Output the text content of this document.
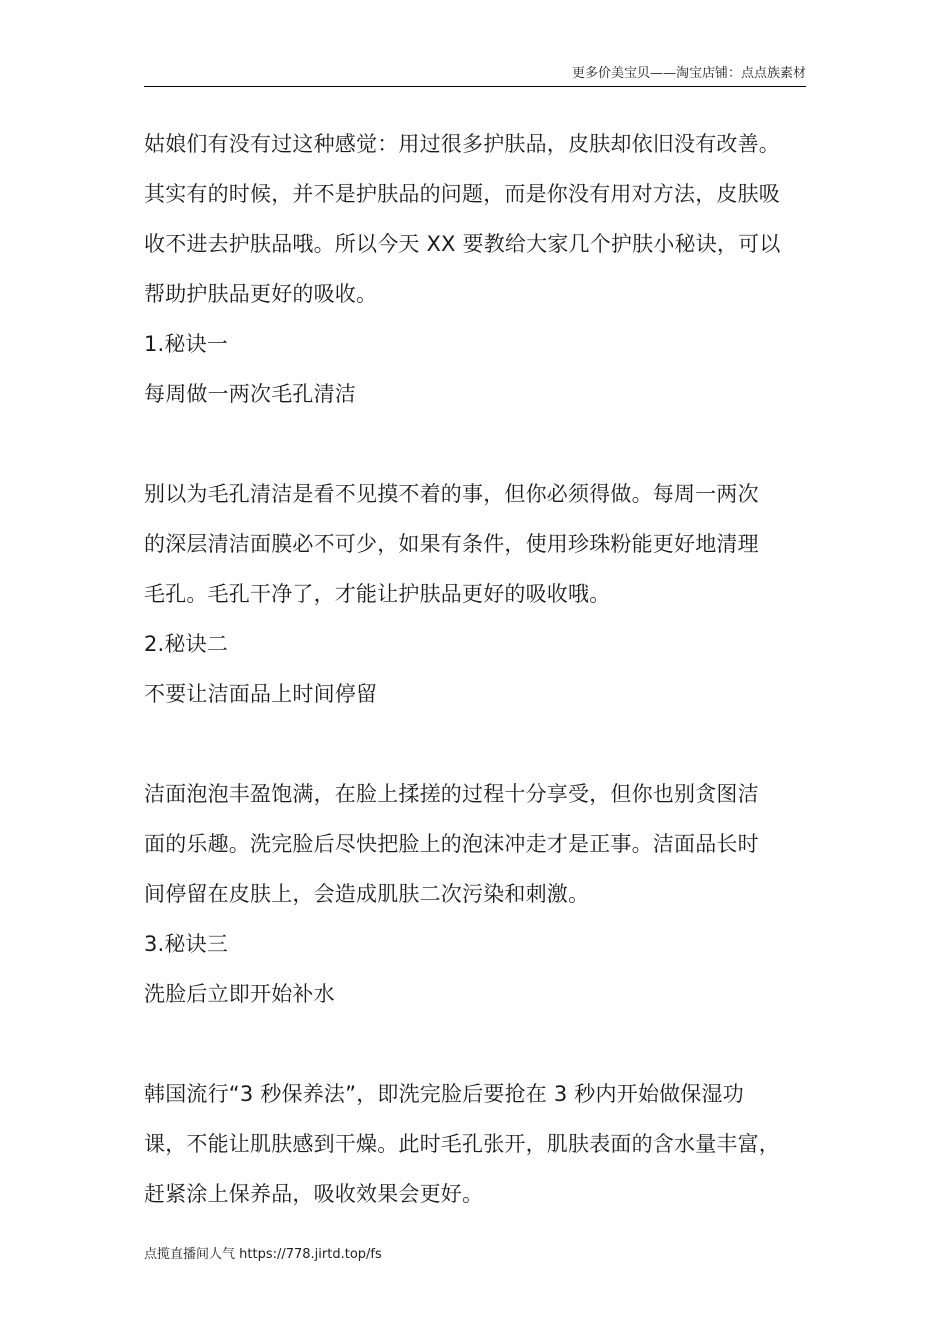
更多价美宝贝——淘宝店铺：点点族素材
姑娘们有没有过这种感觉：用过很多护肤品，皮肤却依旧没有改善。
其实有的时候，并不是护肤品的问题，而是你没有用对方法，皮肤吸
收不进去护肤品哦。所以今天 XX 要教给大家几个护肤小秘诀，可以
帮助护肤品更好的吸收。
1.秘诀一
每周做一两次毛孔清洁
别以为毛孔清洁是看不见摸不着的事，但你必须得做。每周一两次
的深层清洁面膜必不可少，如果有条件，使用珍珠粉能更好地清理
毛孔。毛孔干净了，才能让护肤品更好的吸收哦。
2.秘诀二
不要让洁面品上时间停留
洁面泡泡丰盈饱满，在脸上揉搓的过程十分享受，但你也别贪图洁
面的乐趣。洗完脸后尽快把脸上的泡沫冲走才是正事。洁面品长时
间停留在皮肤上，会造成肌肤二次污染和刺激。
3.秘诀三
洗脸后立即开始补水
韩国流行“3 秒保养法”，即洗完脸后要抢在 3 秒内开始做保湿功
课，不能让肌肤感到干燥。此时毛孔张开，肌肤表面的含水量丰富，
赶紧涂上保养品，吸收效果会更好。
点揽直播间人气 https://778.jirtd.top/fs
